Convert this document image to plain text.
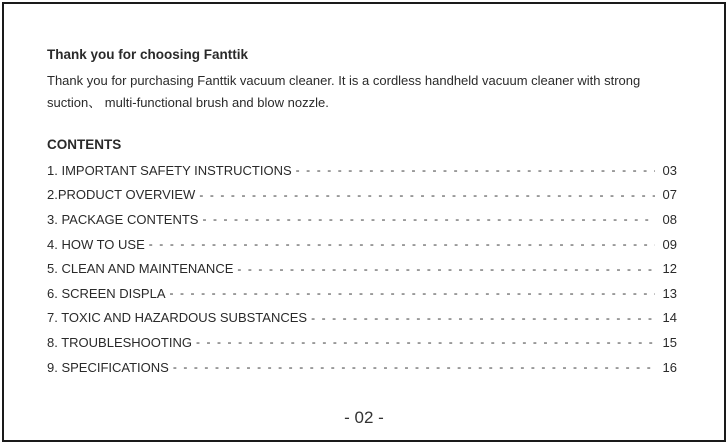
Thank you for choosing Fanttik

Thank you for purchasing Fanttik vacuum cleaner. It is a cordless handheld vacuum cleaner with strong suction、 multi-functional brush and blow nozzle.

CONTENTS
1. IMPORTANT SAFETY INSTRUCTIONS - - -	03
2.PRODUCT OVERVIEW - - -	07
3. PACKAGE CONTENTS - - -	08
4. HOW TO USE - - -	09
5. CLEAN AND MAINTENANCE - - -	12
6. SCREEN DISPLA - - -	13
7. TOXIC AND HAZARDOUS SUBSTANCES - - -	14
8. TROUBLESHOOTING - - -	15
9. SPECIFICATIONS - - -	16
- 02 -
